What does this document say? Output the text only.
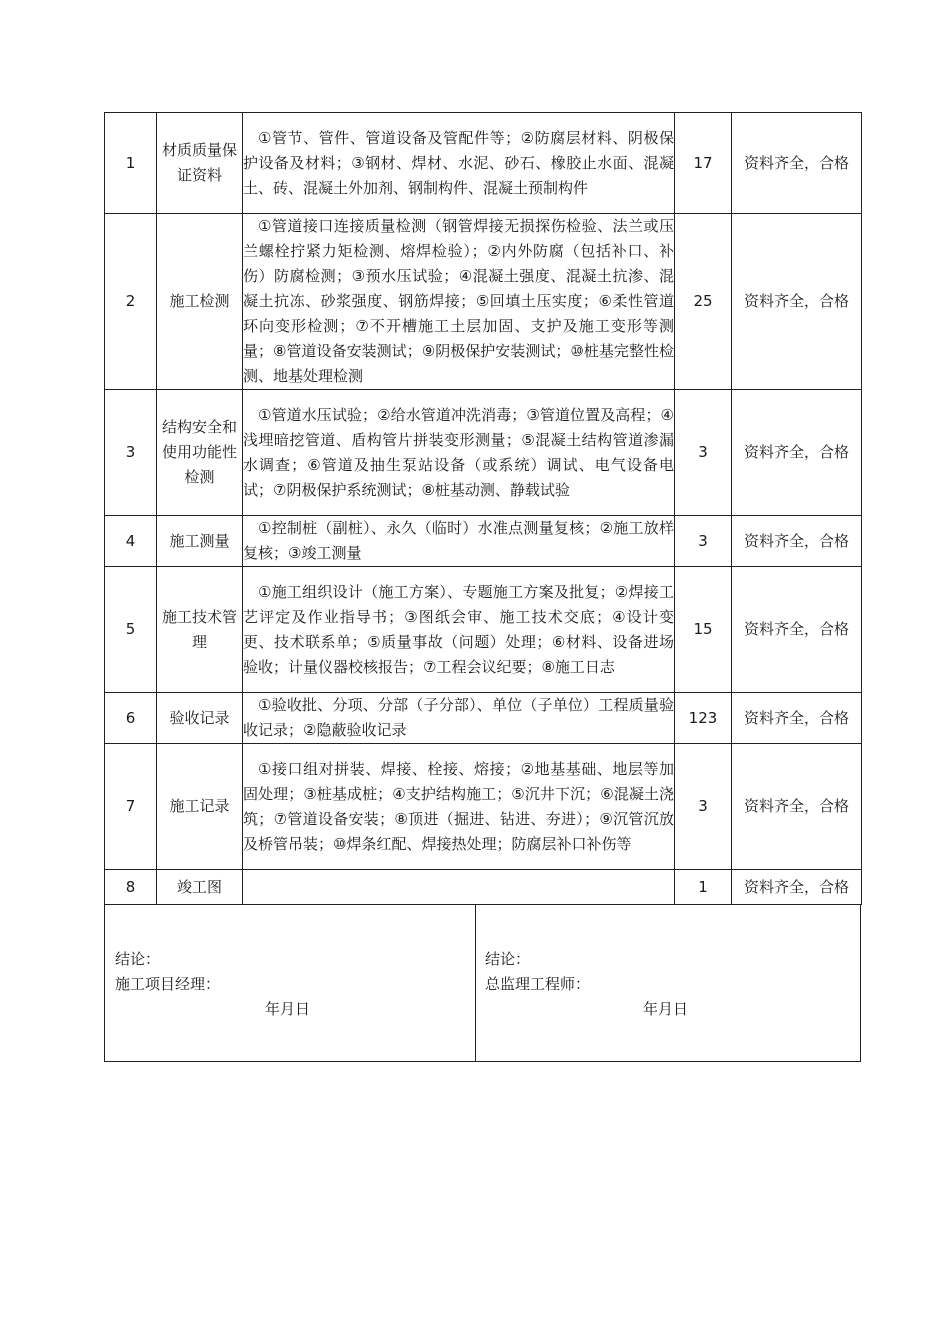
1	材质质量保证资料	①管节、管件、管道设备及管配件等；②防腐层材料、阴极保护设备及材料；③钢材、焊材、水泥、砂石、橡胶止水面、混凝土、砖、混凝土外加剂、钢制构件、混凝土预制构件	17	资料齐全，合格
2	施工检测	①管道接口连接质量检测（钢管焊接无损探伤检验、法兰或压兰螺栓拧紧力矩检测、熔焊检验）；②内外防腐（包括补口、补伤）防腐检测；③预水压试验；④混凝土强度、混凝土抗渗、混凝土抗冻、砂浆强度、钢筋焊接；⑤回填土压实度；⑥柔性管道环向变形检测；⑦不开槽施工土层加固、支护及施工变形等测量；⑧管道设备安装测试；⑨阴极保护安装测试；⑩桩基完整性检测、地基处理检测	25	资料齐全，合格
3	结构安全和使用功能性检测	①管道水压试验；②给水管道冲洗消毒；③管道位置及高程；④浅埋暗挖管道、盾构管片拼装变形测量；⑤混凝土结构管道渗漏水调查；⑥管道及抽生泵站设备（或系统）调试、电气设备电试；⑦阴极保护系统测试；⑧桩基动测、静载试验	3	资料齐全，合格
4	施工测量	①控制桩（副桩）、永久（临时）水准点测量复核；②施工放样复核；③竣工测量	3	资料齐全，合格
5	施工技术管理	①施工组织设计（施工方案）、专题施工方案及批复；②焊接工艺评定及作业指导书；③图纸会审、施工技术交底；④设计变更、技术联系单；⑤质量事故（问题）处理；⑥材料、设备进场验收；计量仪器校核报告；⑦工程会议纪要；⑧施工日志	15	资料齐全，合格
6	验收记录	①验收批、分项、分部（子分部）、单位（子单位）工程质量验收记录；②隐蔽验收记录	123	资料齐全，合格
7	施工记录	①接口组对拼装、焊接、栓接、熔接；②地基基础、地层等加固处理；③桩基成桩；④支护结构施工；⑤沉井下沉；⑥混凝土浇筑；⑦管道设备安装；⑧顶进（掘进、钻进、夯进）；⑨沉管沉放及桥管吊装；⑩焊条红配、焊接热处理；防腐层补口补伤等	3	资料齐全，合格
8	竣工图		1	资料齐全，合格
结论：
施工项目经理：
年月日
结论：
总监理工程师：
年月日
